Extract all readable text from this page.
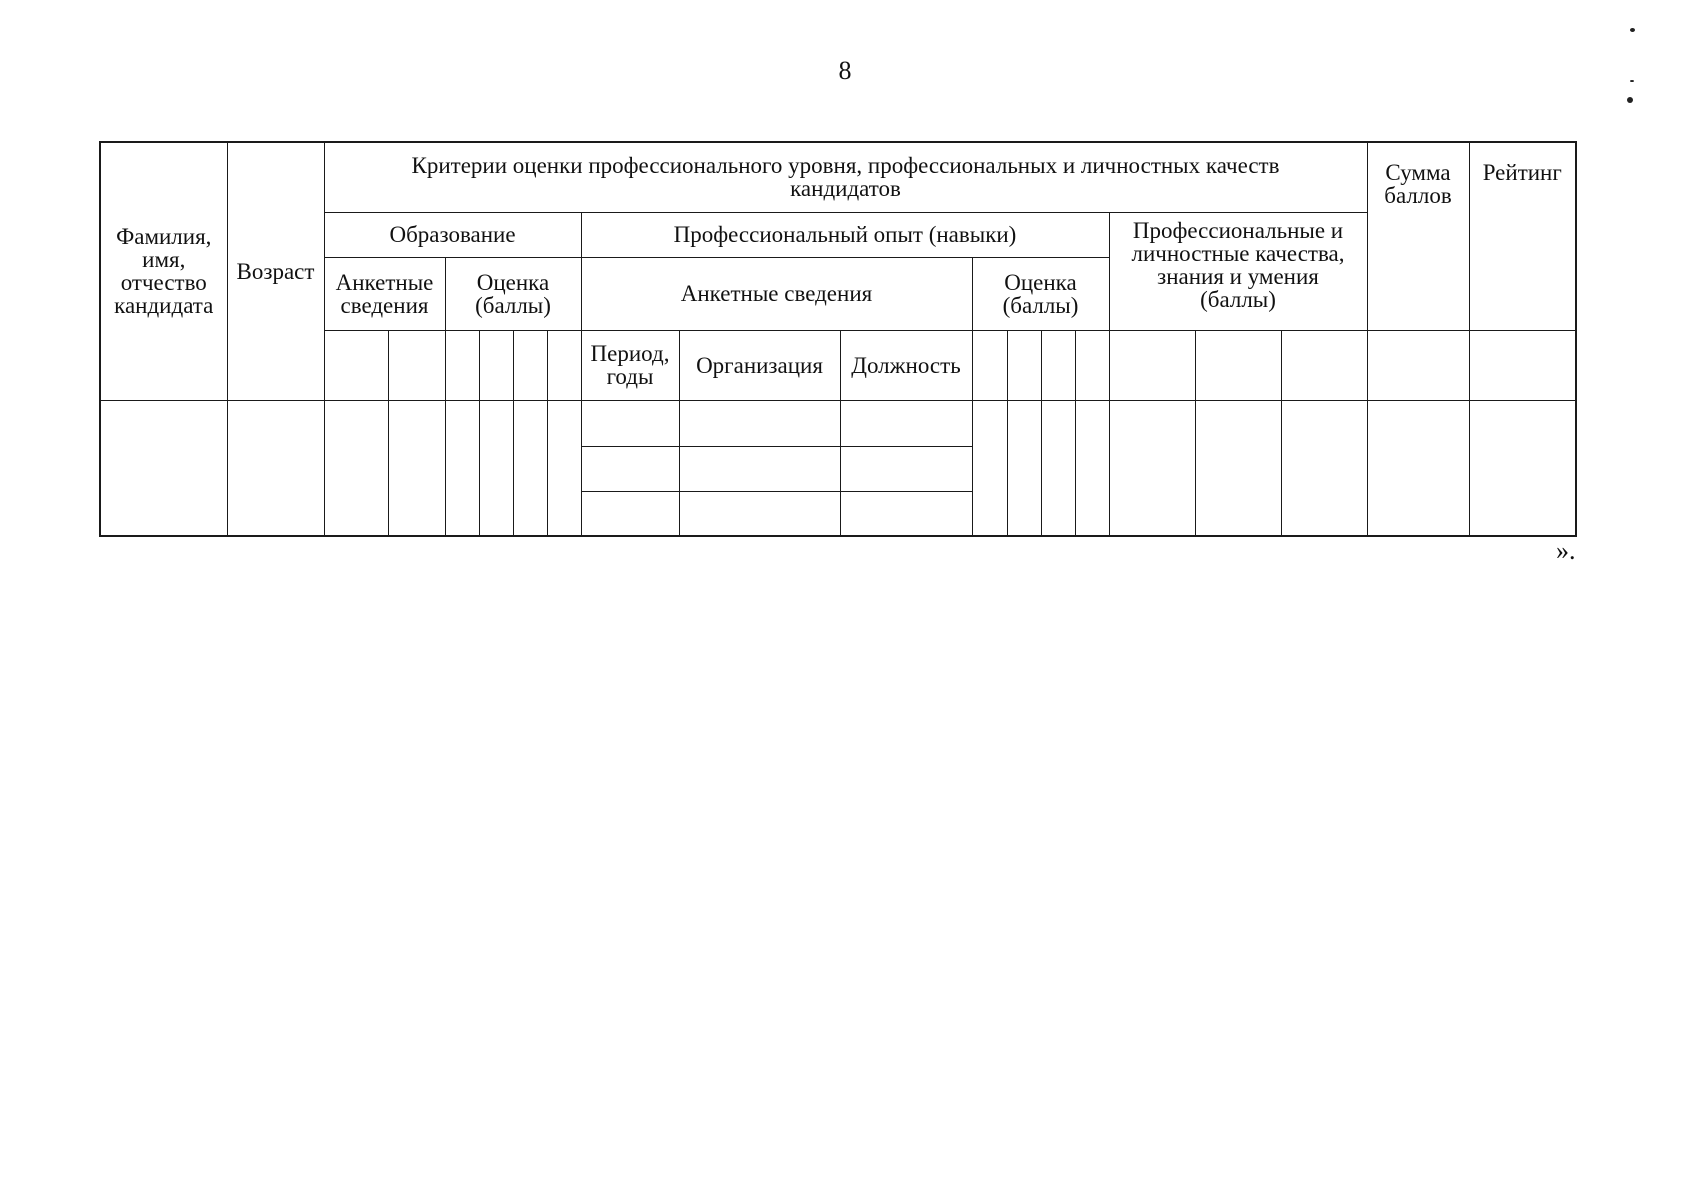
8
Фамилия, имя, отчество кандидата	Возраст	Критерии оценки профессионального уровня, профессиональных и личностных качеств кандидатов																Сумма баллов	Рейтинг
		Образование						Профессиональный опыт (навыки)							Профессиональные и личностные качества, знания и умения (баллы)				
		Анкетные сведения		Оценка (баллы)				Анкетные сведения			Оценка (баллы)								
								Период, годы	Организация	Должность									

».
